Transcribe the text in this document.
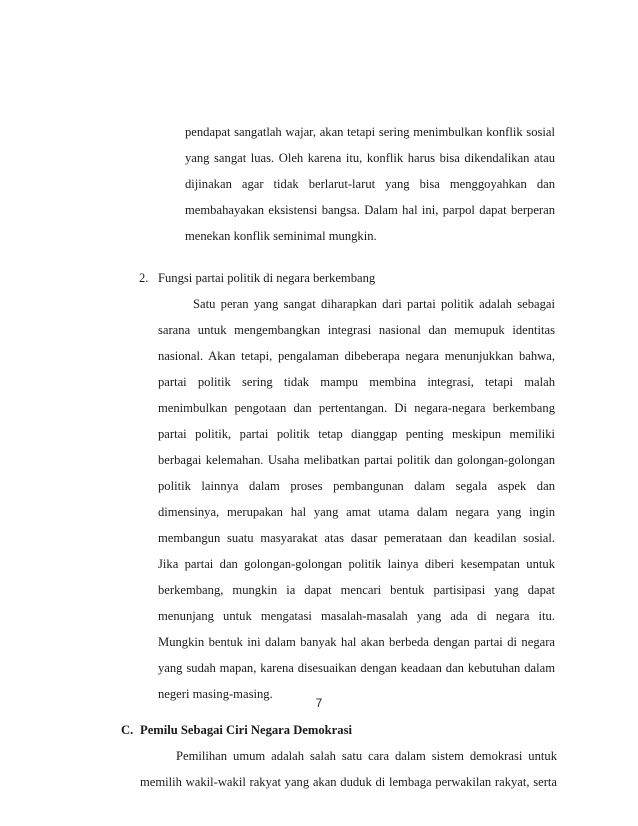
pendapat sangatlah wajar, akan tetapi sering menimbulkan konflik sosial
yang sangat luas. Oleh karena itu, konflik harus bisa dikendalikan atau
dijinakan agar tidak berlarut-larut yang bisa menggoyahkan dan
membahayakan eksistensi bangsa. Dalam hal ini, parpol dapat berperan
menekan konflik seminimal mungkin.
2. Fungsi partai politik di negara berkembang
Satu peran yang sangat diharapkan dari partai politik adalah sebagai
sarana untuk mengembangkan integrasi nasional dan memupuk identitas
nasional. Akan tetapi, pengalaman dibeberapa negara menunjukkan bahwa,
partai politik sering tidak mampu membina integrasi, tetapi malah
menimbulkan pengotaan dan pertentangan. Di negara-negara berkembang
partai politik, partai politik tetap dianggap penting meskipun memiliki
berbagai kelemahan. Usaha melibatkan partai politik dan golongan-golongan
politik lainnya dalam proses pembangunan dalam segala aspek dan
dimensinya, merupakan hal yang amat utama dalam negara yang ingin
membangun suatu masyarakat atas dasar pemerataan dan keadilan sosial.
Jika partai dan golongan-golongan politik lainya diberi kesempatan untuk
berkembang, mungkin ia dapat mencari bentuk partisipasi yang dapat
menunjang untuk mengatasi masalah-masalah yang ada di negara itu.
Mungkin bentuk ini dalam banyak hal akan berbeda dengan partai di negara
yang sudah mapan, karena disesuaikan dengan keadaan dan kebutuhan dalam
negeri masing-masing.
C. Pemilu Sebagai Ciri Negara Demokrasi
Pemilihan umum adalah salah satu cara dalam sistem demokrasi untuk
memilih wakil-wakil rakyat yang akan duduk di lembaga perwakilan rakyat, serta
7
